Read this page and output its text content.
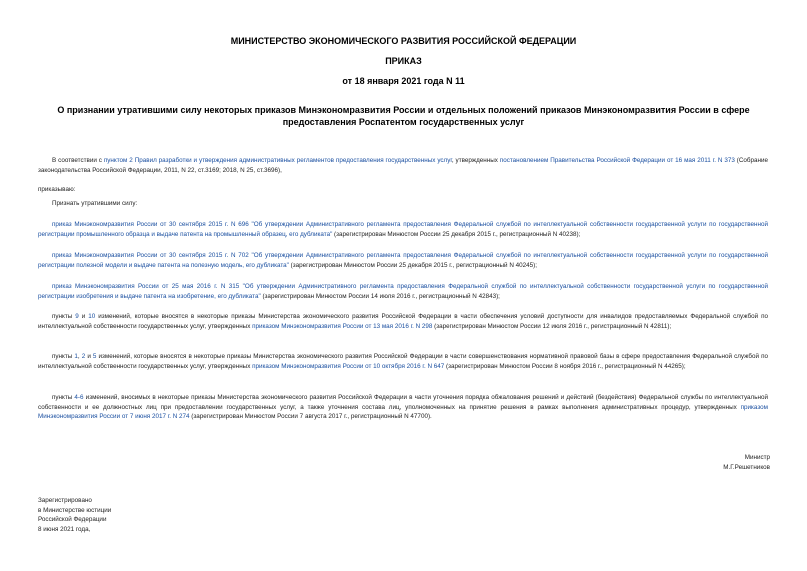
МИНИСТЕРСТВО ЭКОНОМИЧЕСКОГО РАЗВИТИЯ РОССИЙСКОЙ ФЕДЕРАЦИИ
ПРИКАЗ
от 18 января 2021 года N 11
О признании утратившими силу некоторых приказов Минэкономразвития России и отдельных положений приказов Минэкономразвития России в сфере предоставления Роспатентом государственных услуг
В соответствии с пунктом 2 Правил разработки и утверждения административных регламентов предоставления государственных услуг, утвержденных постановлением Правительства Российской Федерации от 16 мая 2011 г. N 373 (Собрание законодательства Российской Федерации, 2011, N 22, ст.3169; 2018, N 25, ст.3696),
приказываю:
Признать утратившими силу:
приказ Минэкономразвития России от 30 сентября 2015 г. N 696 "Об утверждении Административного регламента предоставления Федеральной службой по интеллектуальной собственности государственной услуги по государственной регистрации промышленного образца и выдаче патента на промышленный образец, его дубликата" (зарегистрирован Минюстом России 25 декабря 2015 г., регистрационный N 40238);
приказ Минэкономразвития России от 30 сентября 2015 г. N 702 "Об утверждении Административного регламента предоставления Федеральной службой по интеллектуальной собственности государственной услуги по государственной регистрации полезной модели и выдаче патента на полезную модель, его дубликата" (зарегистрирован Минюстом России 25 декабря 2015 г., регистрационный N 40245);
приказ Минэкономразвития России от 25 мая 2016 г. N 315 "Об утверждении Административного регламента предоставления Федеральной службой по интеллектуальной собственности государственной услуги по государственной регистрации изобретения и выдаче патента на изобретение, его дубликата" (зарегистрирован Минюстом России 14 июля 2016 г., регистрационный N 42843);
пункты 9 и 10 изменений, которые вносятся в некоторые приказы Министерства экономического развития Российской Федерации в части обеспечения условий доступности для инвалидов предоставляемых Федеральной службой по интеллектуальной собственности государственных услуг, утвержденных приказом Минэкономразвития России от 13 мая 2016 г. N 298 (зарегистрирован Минюстом России 12 июля 2016 г., регистрационный N 42811);
пункты 1, 2 и 5 изменений, которые вносятся в некоторые приказы Министерства экономического развития Российской Федерации в части совершенствования нормативной правовой базы в сфере предоставления Федеральной службой по интеллектуальной собственности государственных услуг, утвержденных приказом Минэкономразвития России от 10 октября 2016 г. N 647 (зарегистрирован Минюстом России 8 ноября 2016 г., регистрационный N 44265);
пункты 4-6 изменений, вносимых в некоторые приказы Министерства экономического развития Российской Федерации в части уточнения порядка обжалования решений и действий (бездействия) Федеральной службы по интеллектуальной собственности и ее должностных лиц при предоставлении государственных услуг, а также уточнения состава лиц, уполномоченных на принятие решения в рамках выполнения административных процедур, утвержденных приказом Минэкономразвития России от 7 июня 2017 г. N 274 (зарегистрирован Минюстом России 7 августа 2017 г., регистрационный N 47700).
Министр
М.Г.Решетников
Зарегистрировано
в Министерстве юстиции
Российской Федерации
8 июня 2021 года,
